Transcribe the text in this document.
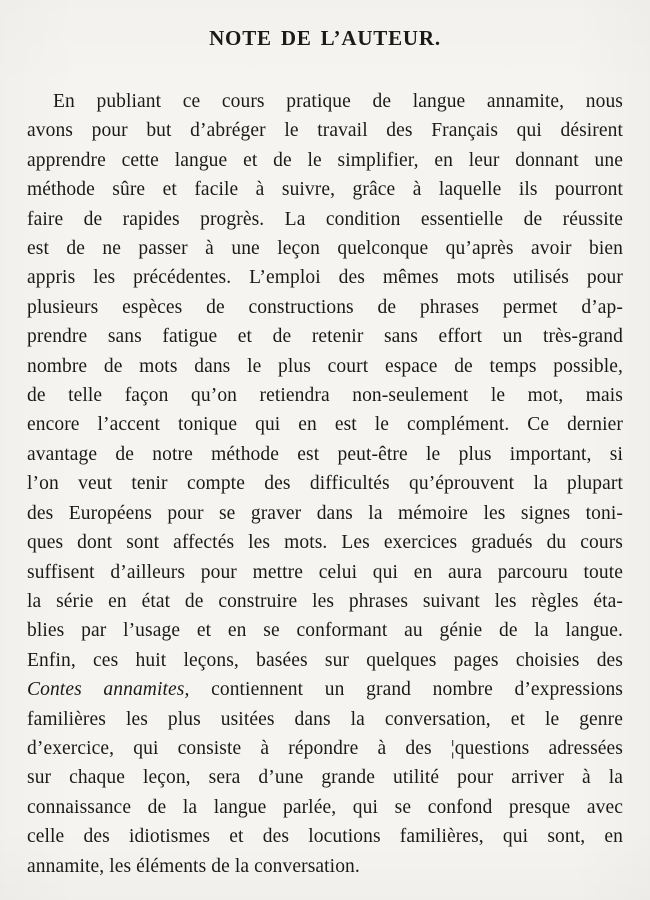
NOTE DE L’AUTEUR.
En publiant ce cours pratique de langue annamite, nous
avons pour but d’abréger le travail des Français qui désirent
apprendre cette langue et de le simplifier, en leur donnant une
méthode sûre et facile à suivre, grâce à laquelle ils pourront
faire de rapides progrès. La condition essentielle de réussite
est de ne passer à une leçon quelconque qu’après avoir bien
appris les précédentes. L’emploi des mêmes mots utilisés pour
plusieurs espèces de constructions de phrases permet d’ap-
prendre sans fatigue et de retenir sans effort un très-grand
nombre de mots dans le plus court espace de temps possible,
de telle façon qu’on retiendra non-seulement le mot, mais
encore l’accent tonique qui en est le complément. Ce dernier
avantage de notre méthode est peut-être le plus important, si
l’on veut tenir compte des difficultés qu’éprouvent la plupart
des Européens pour se graver dans la mémoire les signes toni-
ques dont sont affectés les mots. Les exercices gradués du cours
suffisent d’ailleurs pour mettre celui qui en aura parcouru toute
la série en état de construire les phrases suivant les règles éta-
blies par l’usage et en se conformant au génie de la langue.
Enfin, ces huit leçons, basées sur quelques pages choisies des
Contes annamites, contiennent un grand nombre d’expressions
familières les plus usitées dans la conversation, et le genre
d’exercice, qui consiste à répondre à des ¦questions adressées
sur chaque leçon, sera d’une grande utilité pour arriver à la
connaissance de la langue parlée, qui se confond presque avec
celle des idiotismes et des locutions familières, qui sont, en
annamite, les éléments de la conversation.
